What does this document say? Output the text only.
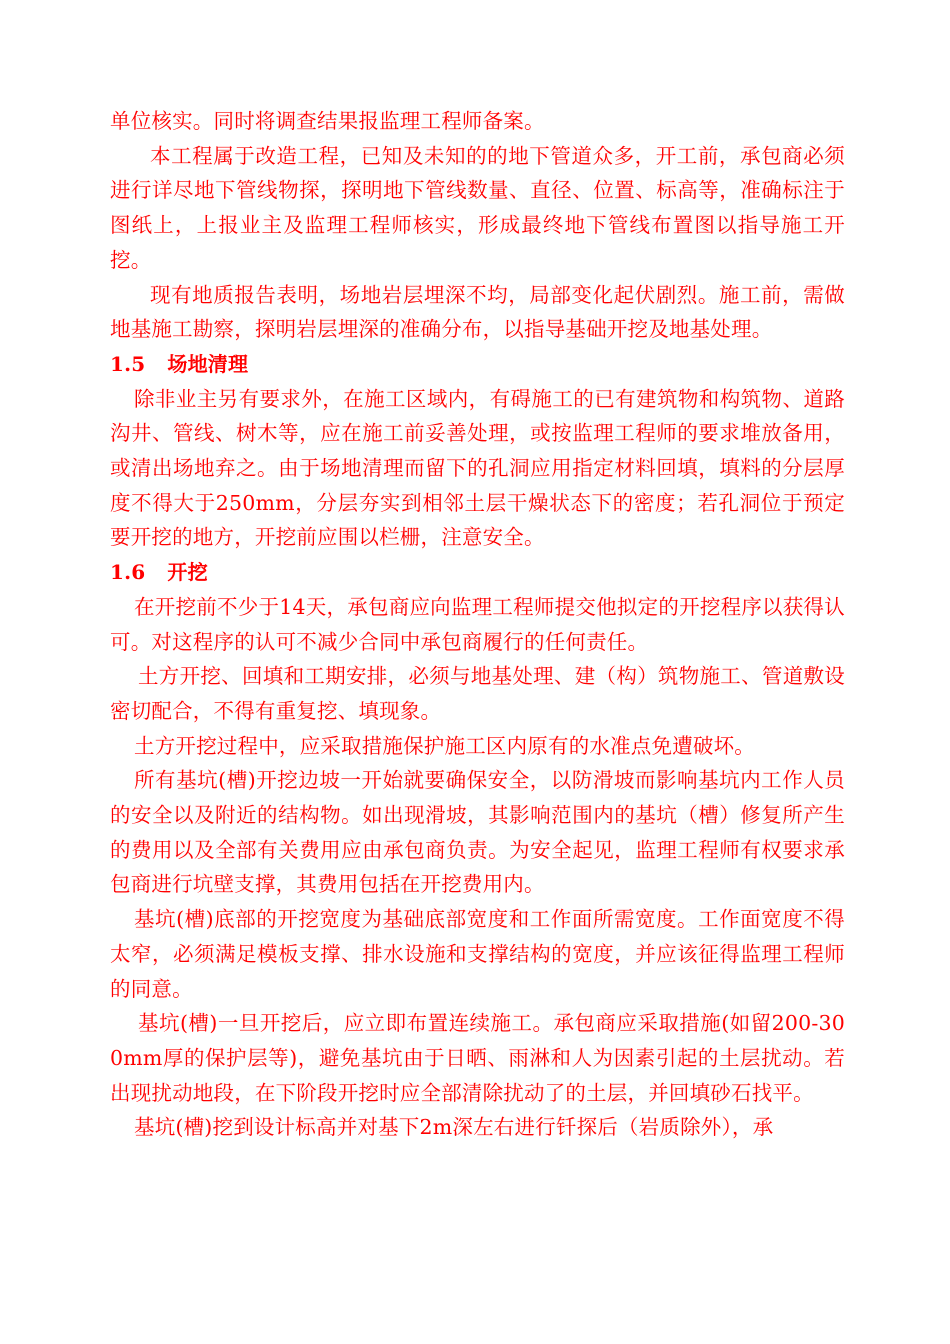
单位核实。同时将调查结果报监理工程师备案。

本工程属于改造工程，已知及未知的的地下管道众多，开工前，承包商必须进行详尽地下管线物探，探明地下管线数量、直径、位置、标高等，准确标注于图纸上，上报业主及监理工程师核实，形成最终地下管线布置图以指导施工开挖。

现有地质报告表明，场地岩层埋深不均，局部变化起伏剧烈。施工前，需做地基施工勘察，探明岩层埋深的准确分布，以指导基础开挖及地基处理。

1.5 场地清理

除非业主另有要求外，在施工区域内，有碍施工的已有建筑物和构筑物、道路沟井、管线、树木等，应在施工前妥善处理，或按监理工程师的要求堆放备用，或清出场地弃之。由于场地清理而留下的孔洞应用指定材料回填，填料的分层厚度不得大于250mm，分层夯实到相邻土层干燥状态下的密度；若孔洞位于预定要开挖的地方，开挖前应围以栏栅，注意安全。

1.6 开挖

在开挖前不少于14天，承包商应向监理工程师提交他拟定的开挖程序以获得认可。对这程序的认可不减少合同中承包商履行的任何责任。

土方开挖、回填和工期安排，必须与地基处理、建（构）筑物施工、管道敷设密切配合，不得有重复挖、填现象。

土方开挖过程中，应采取措施保护施工区内原有的水准点免遭破坏。

所有基坑(槽)开挖边坡一开始就要确保安全，以防滑坡而影响基坑内工作人员的安全以及附近的结构物。如出现滑坡，其影响范围内的基坑（槽）修复所产生的费用以及全部有关费用应由承包商负责。为安全起见，监理工程师有权要求承包商进行坑壁支撑，其费用包括在开挖费用内。

基坑(槽)底部的开挖宽度为基础底部宽度和工作面所需宽度。工作面宽度不得太窄，必须满足模板支撑、排水设施和支撑结构的宽度，并应该征得监理工程师的同意。

基坑(槽)一旦开挖后，应立即布置连续施工。承包商应采取措施(如留200-300mm厚的保护层等)，避免基坑由于日晒、雨淋和人为因素引起的土层扰动。若出现扰动地段，在下阶段开挖时应全部清除扰动了的土层，并回填砂石找平。

基坑(槽)挖到设计标高并对基下2m深左右进行钎探后（岩质除外），承
